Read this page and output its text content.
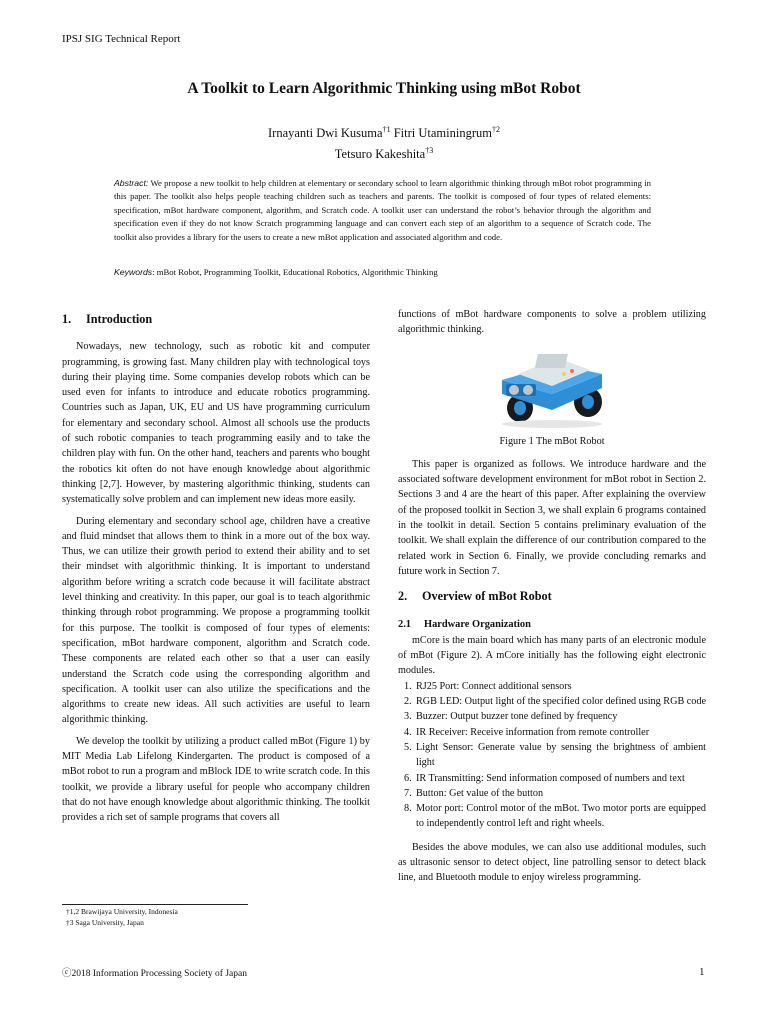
IPSJ SIG Technical Report
A Toolkit to Learn Algorithmic Thinking using mBot Robot
Irnayanti Dwi Kusuma$^{\dagger 1}$ Fitri Utaminingrum$^{\dagger 2}$
Tetsuro Kakeshita$^{\dagger 3}$
Abstract: We propose a new toolkit to help children at elementary or secondary school to learn algorithmic thinking through mBot robot programming in this paper. The toolkit also helps people teaching children such as teachers and parents. The toolkit is composed of four types of related elements: specification, mBot hardware component, algorithm, and Scratch code. A toolkit user can understand the robot’s behavior through the algorithm and specification even if they do not know Scratch programming language and can convert each step of an algorithm to a sequence of Scratch code. The toolkit also provides a library for the users to create a new mBot application and associated algorithm and code.
Keywords: mBot Robot, Programming Toolkit, Educational Robotics, Algorithmic Thinking
1. Introduction

Nowadays, new technology, such as robotic kit and computer programming, is growing fast. Many children play with technological toys during their playing time. Some companies develop robots which can be used even for infants to introduce and educate robotics programming. Countries such as Japan, UK, EU and US have programming curriculum for elementary and secondary school. Almost all schools use the products of such robotic companies to teach programming easily and to take the children play with fun. On the other hand, teachers and parents who bought the robotics kit often do not have enough knowledge about algorithmic thinking [2,7]. However, by mastering algorithmic thinking, students can systematically solve problem and can implement new ideas more easily.

During elementary and secondary school age, children have a creative and fluid mindset that allows them to think in a more out of the box way. Thus, we can utilize their growth period to extend their ability and to set their mindset with algorithmic thinking. It is important to understand algorithm before writing a scratch code because it will facilitate abstract level thinking and creativity. In this paper, our goal is to teach algorithmic thinking through robot programming. We propose a programming toolkit for this purpose. The toolkit is composed of four types of elements: specification, mBot hardware component, algorithm and Scratch code. These components are related each other so that a user can easily understand the Scratch code using the corresponding algorithm and specification. A toolkit user can also utilize the specifications and the algorithms to create new ideas. All such activities are useful to learn algorithmic thinking.

We develop the toolkit by utilizing a product called mBot (Figure 1) by MIT Media Lab Lifelong Kindergarten. The product is composed of a mBot robot to run a program and mBlock IDE to write scratch code. In this toolkit, we provide a library useful for people who accompany children that do not have enough knowledge about algorithmic thinking. The toolkit provides a rich set of sample programs that covers all

functions of mBot hardware components to solve a problem utilizing algorithmic thinking.

Figure 1 The mBot Robot

This paper is organized as follows. We introduce hardware and the associated software development environment for mBot robot in Section 2. Sections 3 and 4 are the heart of this paper. After explaining the overview of the proposed toolkit in Section 3, we shall explain 6 programs contained in the toolkit in detail. Section 5 contains preliminary evaluation of the toolkit. We shall explain the difference of our contribution compared to the related work in Section 6. Finally, we provide concluding remarks and future work in Section 7.

2. Overview of mBot Robot
2.1 Hardware Organization

mCore is the main board which has many parts of an electronic module of mBot (Figure 2). A mCore initially has the following eight electronic modules.

1. RJ25 Port: Connect additional sensors
2. RGB LED: Output light of the specified color defined using RGB code
3. Buzzer: Output buzzer tone defined by frequency
4. IR Receiver: Receive information from remote controller
5. Light Sensor: Generate value by sensing the brightness of ambient light
6. IR Transmitting: Send information composed of numbers and text
7. Button: Get value of the button
8. Motor port: Control motor of the mBot. Two motor ports are equipped to independently control left and right wheels.

Besides the above modules, we can also use additional modules, such as ultrasonic sensor to detect object, line patrolling sensor to detect black line, and Bluetooth module to enjoy wireless programming.

†1,2 Brawijaya University, Indonesia
†3 Saga University, Japan
ⓒ2018 Information Processing Society of Japan	1
